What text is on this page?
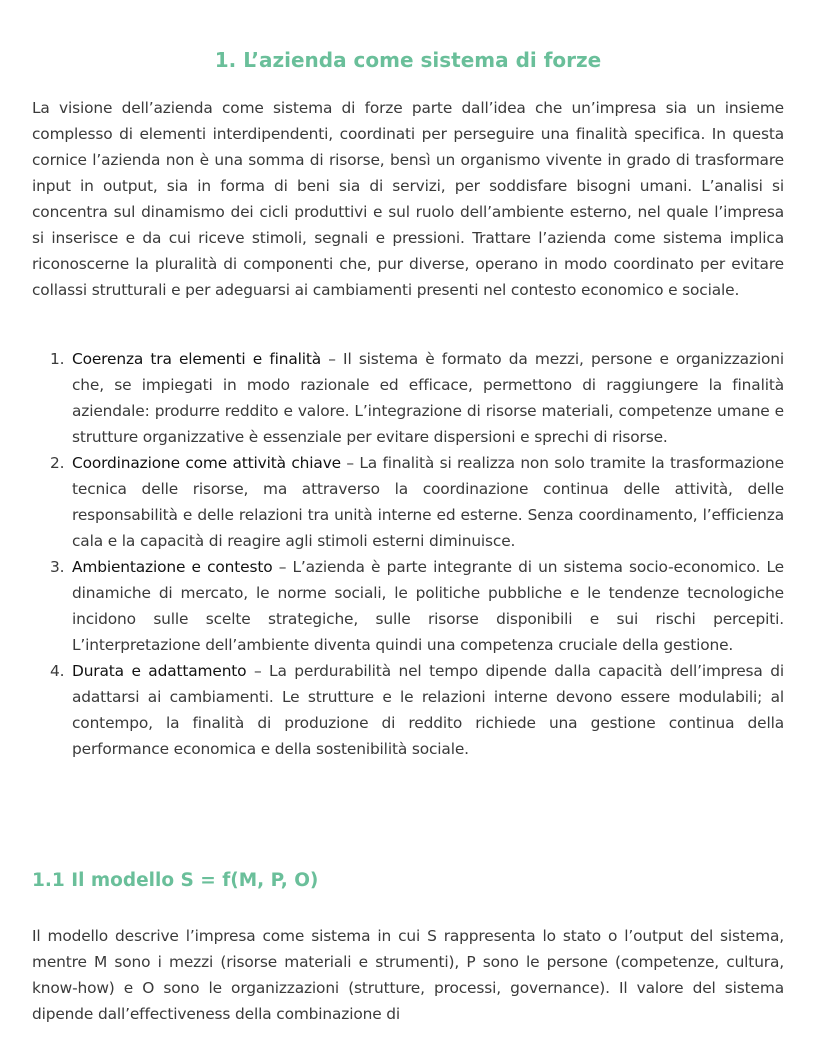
1. L’azienda come sistema di forze

La visione dell’azienda come sistema di forze parte dall’idea che un’impresa sia un insieme complesso di elementi interdipendenti, coordinati per perseguire una finalità specifica. In questa cornice l’azienda non è una somma di risorse, bensì un organismo vivente in grado di trasformare input in output, sia in forma di beni sia di servizi, per soddisfare bisogni umani. L’analisi si concentra sul dinamismo dei cicli produttivi e sul ruolo dell’ambiente esterno, nel quale l’impresa si inserisce e da cui riceve stimoli, segnali e pressioni. Trattare l’azienda come sistema implica riconoscerne la pluralità di componenti che, pur diverse, operano in modo coordinato per evitare collassi strutturali e per adeguarsi ai cambiamenti presenti nel contesto economico e sociale.

1. Coerenza tra elementi e finalità – Il sistema è formato da mezzi, persone e organizzazioni che, se impiegati in modo razionale ed efficace, permettono di raggiungere la finalità aziendale: produrre reddito e valore. L’integrazione di risorse materiali, competenze umane e strutture organizzative è essenziale per evitare dispersioni e sprechi di risorse.
2. Coordinazione come attività chiave – La finalità si realizza non solo tramite la trasformazione tecnica delle risorse, ma attraverso la coordinazione continua delle attività, delle responsabilità e delle relazioni tra unità interne ed esterne. Senza coordinamento, l’efficienza cala e la capacità di reagire agli stimoli esterni diminuisce.
3. Ambientazione e contesto – L’azienda è parte integrante di un sistema socio-economico. Le dinamiche di mercato, le norme sociali, le politiche pubbliche e le tendenze tecnologiche incidono sulle scelte strategiche, sulle risorse disponibili e sui rischi percepiti. L’interpretazione dell’ambiente diventa quindi una competenza cruciale della gestione.
4. Durata e adattamento – La perdurabilità nel tempo dipende dalla capacità dell’impresa di adattarsi ai cambiamenti. Le strutture e le relazioni interne devono essere modulabili; al contempo, la finalità di produzione di reddito richiede una gestione continua della performance economica e della sostenibilità sociale.
1.1 Il modello S = f(M, P, O)

Il modello descrive l’impresa come sistema in cui S rappresenta lo stato o l’output del sistema, mentre M sono i mezzi (risorse materiali e strumenti), P sono le persone (competenze, cultura, know-how) e O sono le organizzazioni (strutture, processi, governance). Il valore del sistema dipende dall’effectiveness della combinazione di
